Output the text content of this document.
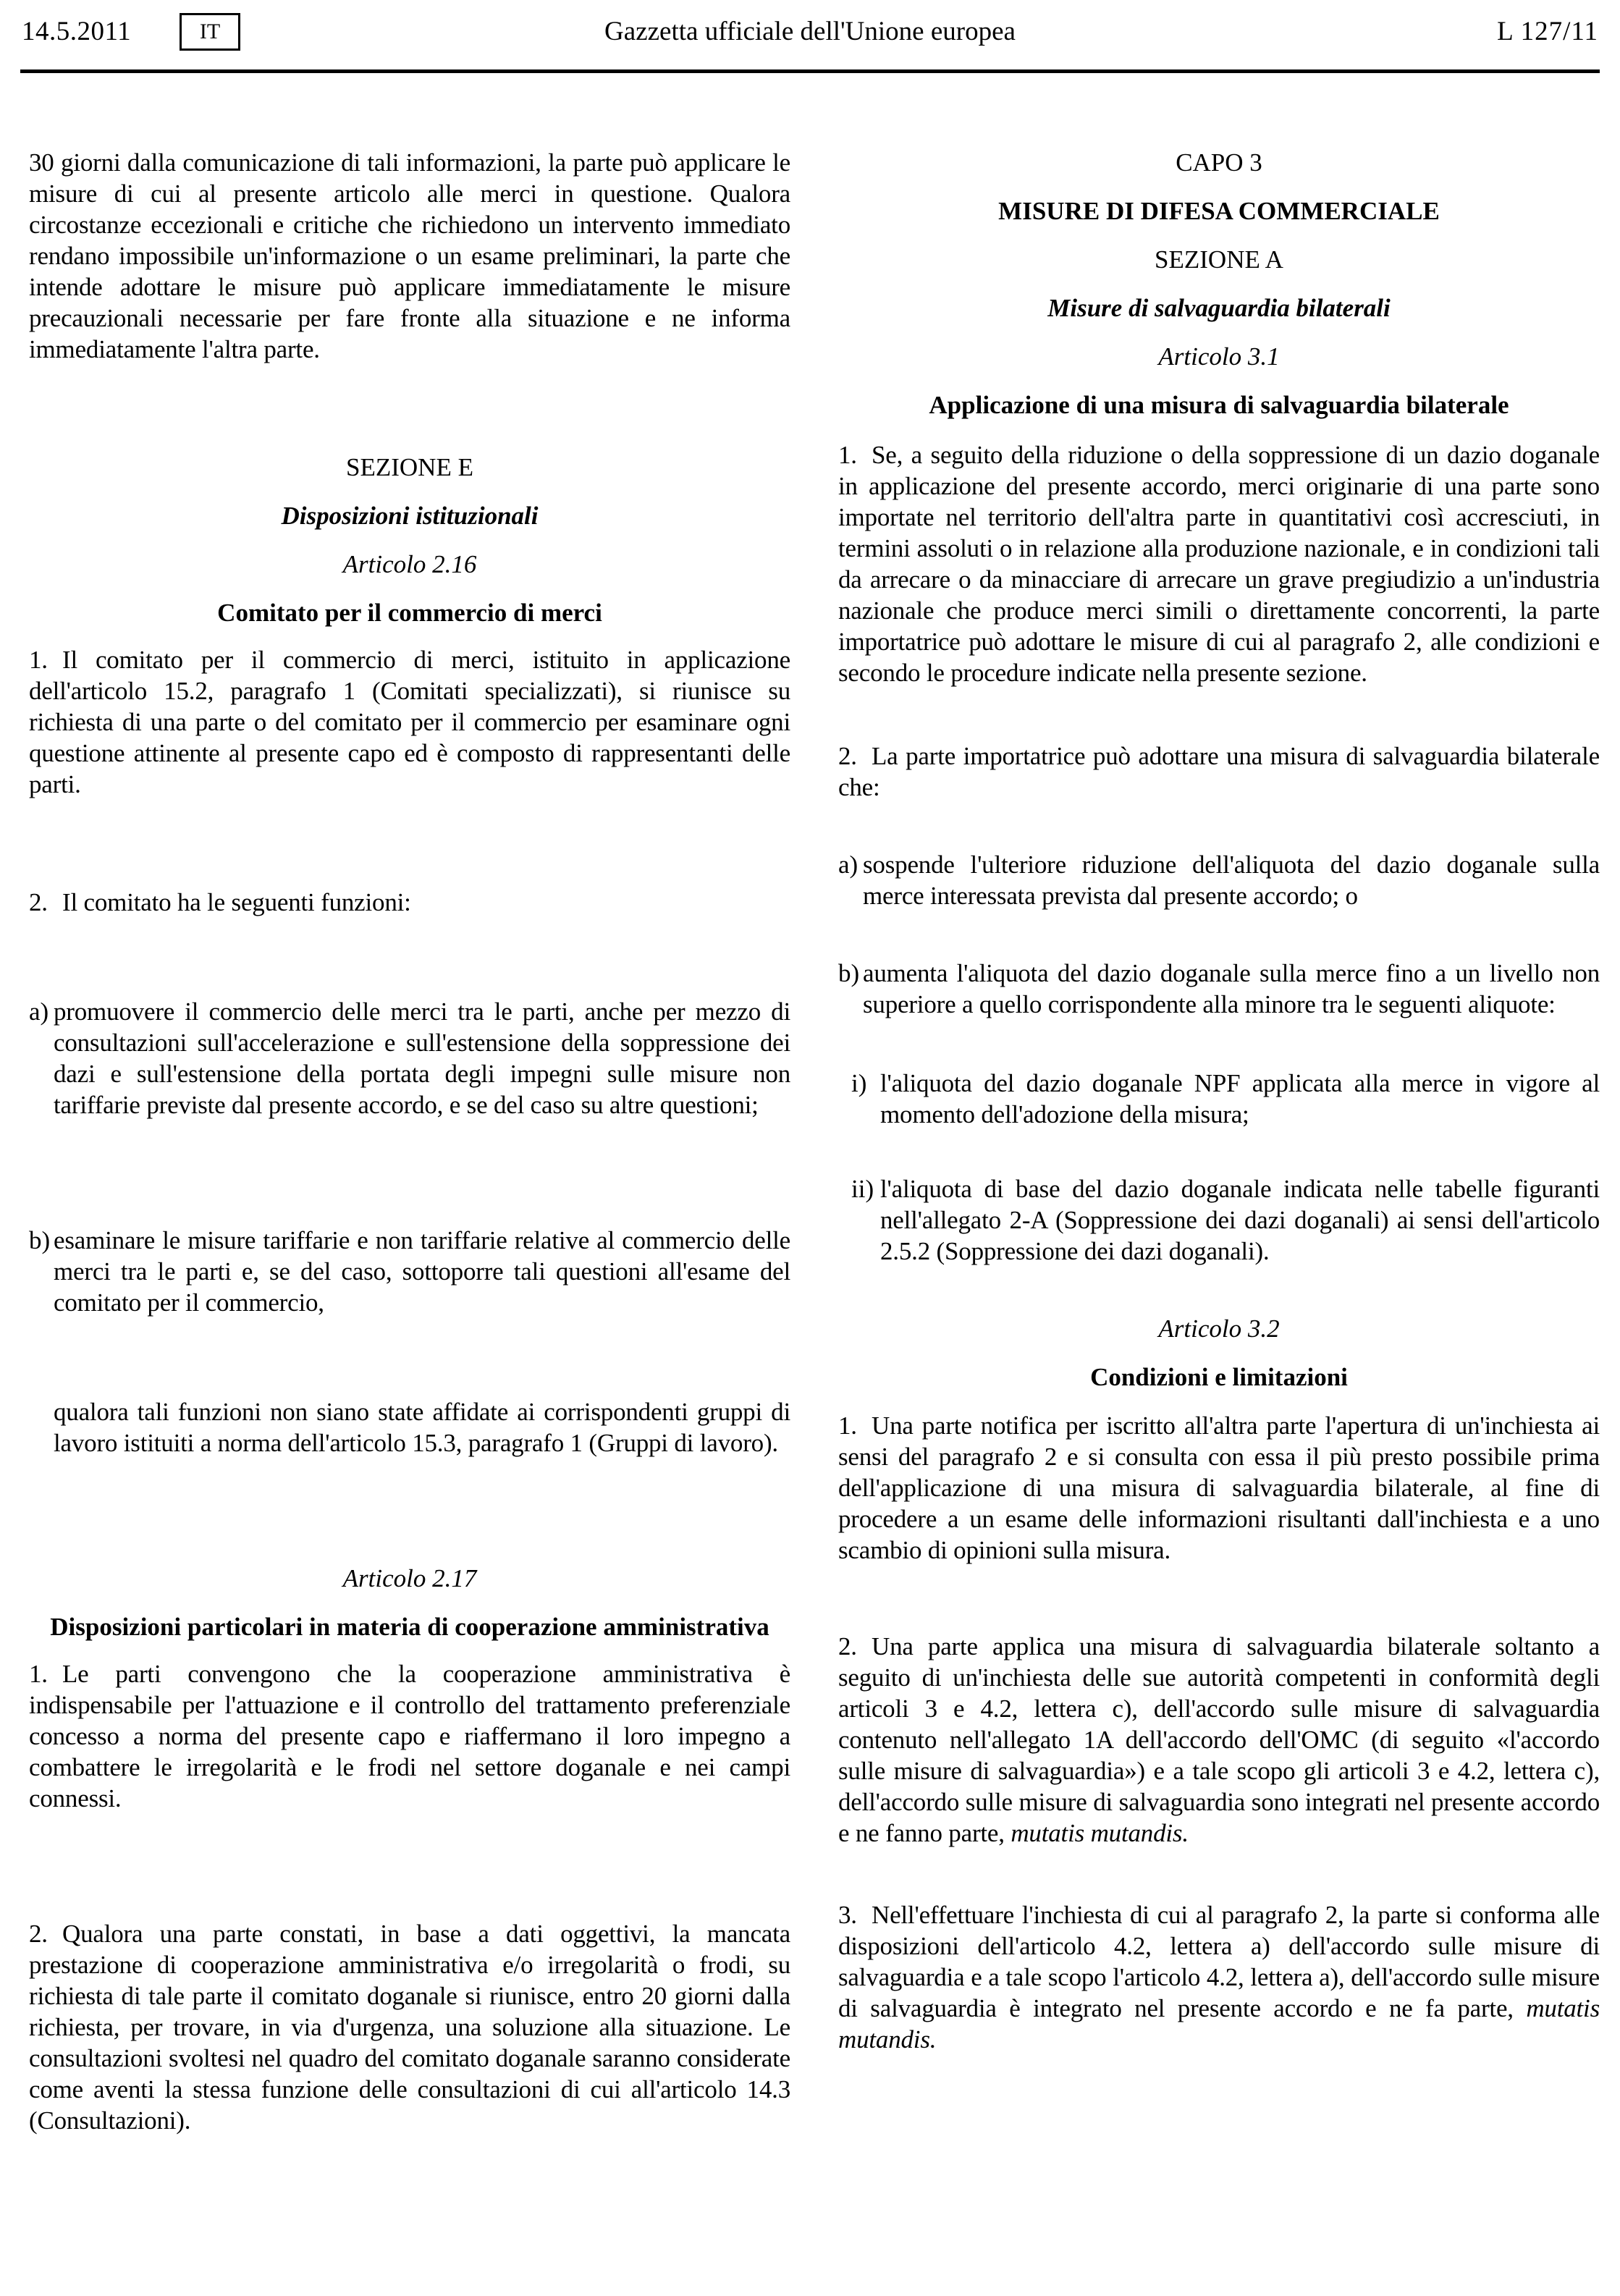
14.5.2011	IT	Gazzetta ufficiale dell'Unione europea	L 127/11

30 giorni dalla comunicazione di tali informazioni, la parte può applicare le misure di cui al presente articolo alle merci in questione. Qualora circostanze eccezionali e critiche che richiedono un intervento immediato rendano impossibile un'informazione o un esame preliminari, la parte che intende adottare le misure può applicare immediatamente le misure precauzionali necessarie per fare fronte alla situazione e ne informa immediatamente l'altra parte.

SEZIONE E

Disposizioni istituzionali

Articolo 2.16

Comitato per il commercio di merci

1. Il comitato per il commercio di merci, istituito in applicazione dell'articolo 15.2, paragrafo 1 (Comitati specializzati), si riunisce su richiesta di una parte o del comitato per il commercio per esaminare ogni questione attinente al presente capo ed è composto di rappresentanti delle parti.

2. Il comitato ha le seguenti funzioni:

a) promuovere il commercio delle merci tra le parti, anche per mezzo di consultazioni sull'accelerazione e sull'estensione della soppressione dei dazi e sull'estensione della portata degli impegni sulle misure non tariffarie previste dal presente accordo, e se del caso su altre questioni;
b) esaminare le misure tariffarie e non tariffarie relative al commercio delle merci tra le parti e, se del caso, sottoporre tali questioni all'esame del comitato per il commercio,

qualora tali funzioni non siano state affidate ai corrispondenti gruppi di lavoro istituiti a norma dell'articolo 15.3, paragrafo 1 (Gruppi di lavoro).

Articolo 2.17

Disposizioni particolari in materia di cooperazione amministrativa

1. Le parti convengono che la cooperazione amministrativa è indispensabile per l'attuazione e il controllo del trattamento preferenziale concesso a norma del presente capo e riaffermano il loro impegno a combattere le irregolarità e le frodi nel settore doganale e nei campi connessi.

2. Qualora una parte constati, in base a dati oggettivi, la mancata prestazione di cooperazione amministrativa e/o irregolarità o frodi, su richiesta di tale parte il comitato doganale si riunisce, entro 20 giorni dalla richiesta, per trovare, in via d'urgenza, una soluzione alla situazione. Le consultazioni svoltesi nel quadro del comitato doganale saranno considerate come aventi la stessa funzione delle consultazioni di cui all'articolo 14.3 (Consultazioni).

CAPO 3

MISURE DI DIFESA COMMERCIALE

SEZIONE A

Misure di salvaguardia bilaterali

Articolo 3.1

Applicazione di una misura di salvaguardia bilaterale

1. Se, a seguito della riduzione o della soppressione di un dazio doganale in applicazione del presente accordo, merci originarie di una parte sono importate nel territorio dell'altra parte in quantitativi così accresciuti, in termini assoluti o in relazione alla produzione nazionale, e in condizioni tali da arrecare o da minacciare di arrecare un grave pregiudizio a un'industria nazionale che produce merci simili o direttamente concorrenti, la parte importatrice può adottare le misure di cui al paragrafo 2, alle condizioni e secondo le procedure indicate nella presente sezione.

2. La parte importatrice può adottare una misura di salvaguardia bilaterale che:

a) sospende l'ulteriore riduzione dell'aliquota del dazio doganale sulla merce interessata prevista dal presente accordo; o
b) aumenta l'aliquota del dazio doganale sulla merce fino a un livello non superiore a quello corrispondente alla minore tra le seguenti aliquote:
i) l'aliquota del dazio doganale NPF applicata alla merce in vigore al momento dell'adozione della misura;
ii) l'aliquota di base del dazio doganale indicata nelle tabelle figuranti nell'allegato 2-A (Soppressione dei dazi doganali) ai sensi dell'articolo 2.5.2 (Soppressione dei dazi doganali).

Articolo 3.2

Condizioni e limitazioni

1. Una parte notifica per iscritto all'altra parte l'apertura di un'inchiesta ai sensi del paragrafo 2 e si consulta con essa il più presto possibile prima dell'applicazione di una misura di salvaguardia bilaterale, al fine di procedere a un esame delle informazioni risultanti dall'inchiesta e a uno scambio di opinioni sulla misura.

2. Una parte applica una misura di salvaguardia bilaterale soltanto a seguito di un'inchiesta delle sue autorità competenti in conformità degli articoli 3 e 4.2, lettera c), dell'accordo sulle misure di salvaguardia contenuto nell'allegato 1A dell'accordo dell'OMC (di seguito «l'accordo sulle misure di salvaguardia») e a tale scopo gli articoli 3 e 4.2, lettera c), dell'accordo sulle misure di salvaguardia sono integrati nel presente accordo e ne fanno parte, mutatis mutandis.

3. Nell'effettuare l'inchiesta di cui al paragrafo 2, la parte si conforma alle disposizioni dell'articolo 4.2, lettera a) dell'accordo sulle misure di salvaguardia e a tale scopo l'articolo 4.2, lettera a), dell'accordo sulle misure di salvaguardia è integrato nel presente accordo e ne fa parte, mutatis mutandis.
